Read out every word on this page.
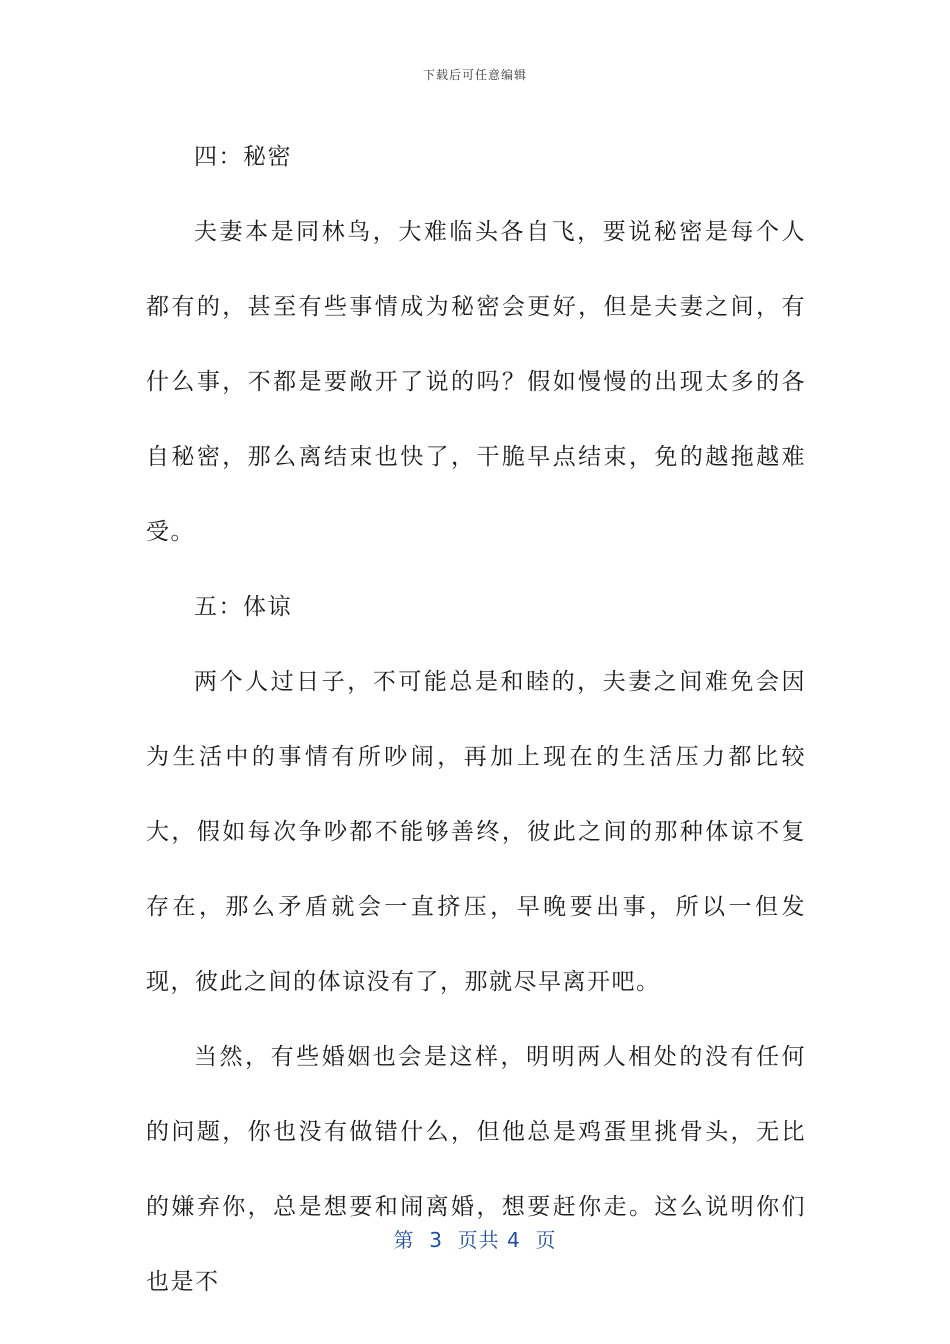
下载后可任意编辑

四：秘密

夫妻本是同林鸟，大难临头各自飞，要说秘密是每个人都有的，甚至有些事情成为秘密会更好，但是夫妻之间，有什么事，不都是要敞开了说的吗？假如慢慢的出现太多的各自秘密，那么离结束也快了，干脆早点结束，免的越拖越难受。

五：体谅

两个人过日子，不可能总是和睦的，夫妻之间难免会因为生活中的事情有所吵闹，再加上现在的生活压力都比较大，假如每次争吵都不能够善终，彼此之间的那种体谅不复存在，那么矛盾就会一直挤压，早晚要出事，所以一但发现，彼此之间的体谅没有了，那就尽早离开吧。

当然，有些婚姻也会是这样，明明两人相处的没有任何的问题，你也没有做错什么，但他总是鸡蛋里挑骨头，无比的嫌弃你，总是想要和闹离婚，想要赶你走。这么说明你们也是不

第  3  页共 4  页
